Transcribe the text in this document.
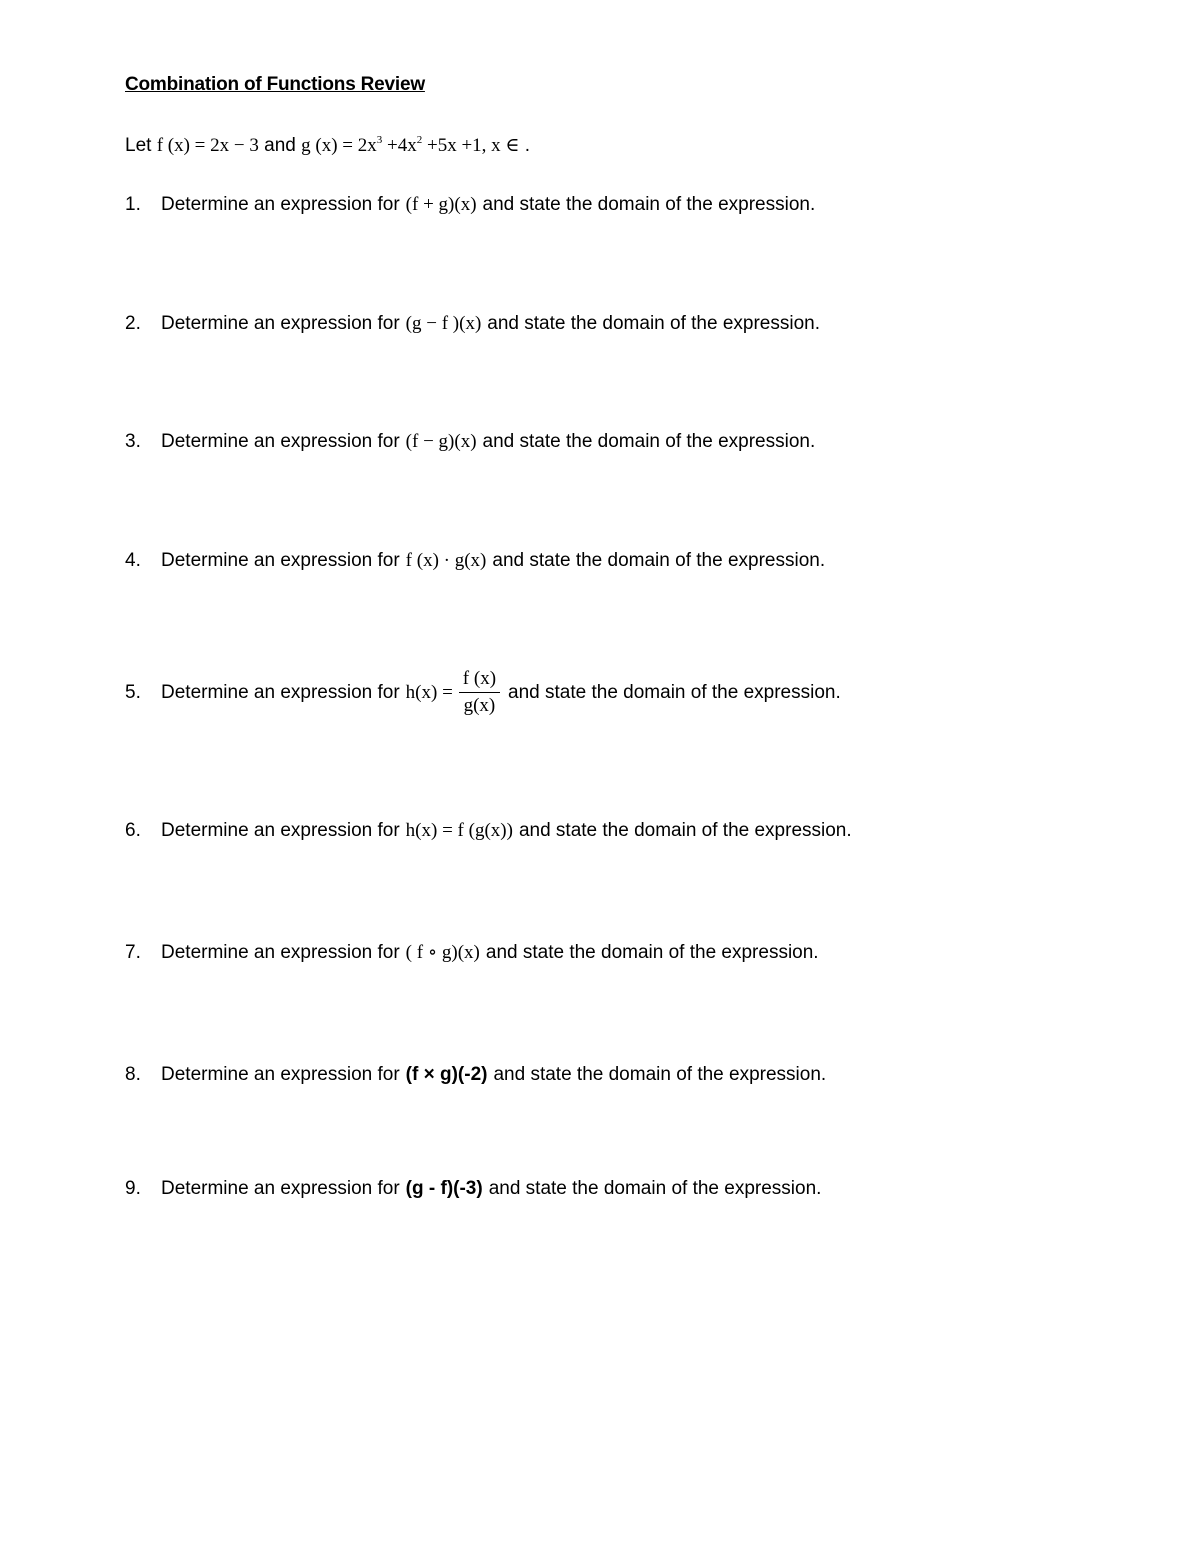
Combination of Functions Review
Let f (x) = 2x − 3 and g $(x) = 2x^3 +4x^2 +5x +1$, x ∈ .
1.	Determine an expression for (f + g)(x) and state the domain of the expression.
2.	Determine an expression for (g − f )(x) and state the domain of the expression.
3.	Determine an expression for (f − g)(x) and state the domain of the expression.
4.	Determine an expression for f (x) · g(x) and state the domain of the expression.
5.	Determine an expression for $h(x) = \frac{f (x)}{g(x)}$ and state the domain of the expression.
6.	Determine an expression for h(x) = f (g(x)) and state the domain of the expression.
7.	Determine an expression for ( f ∘ g)(x) and state the domain of the expression.
8.	Determine an expression for (f × g)(-2) and state the domain of the expression.
9.	Determine an expression for (g - f)(-3) and state the domain of the expression.
